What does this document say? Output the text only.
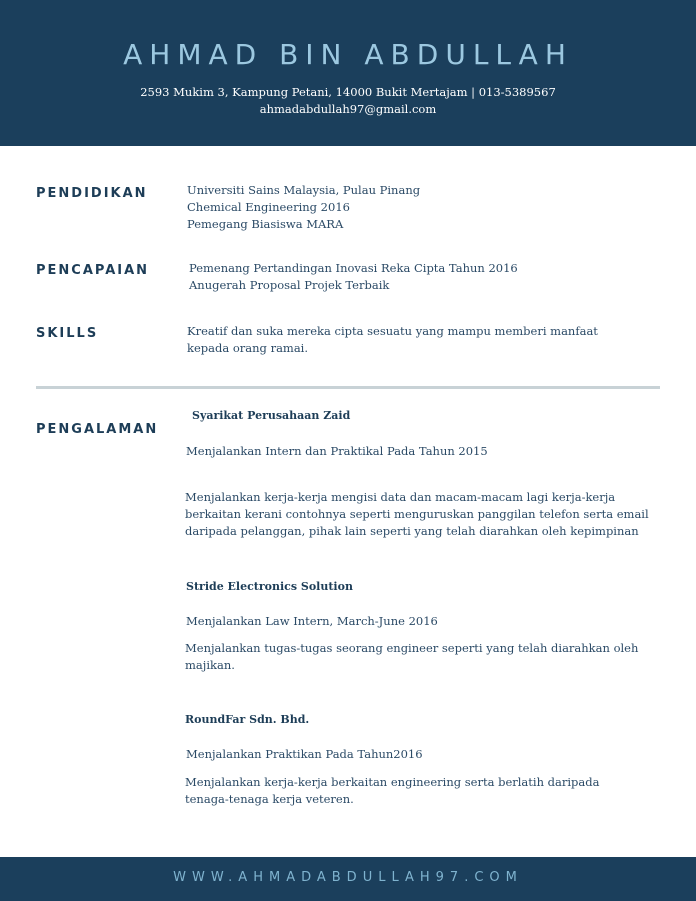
AHMAD BIN ABDULLAH
2593 Mukim 3, Kampung Petani, 14000 Bukit Mertajam | 013-5389567
ahmadabdullah97@gmail.com
PENDIDIKAN	Universiti Sains Malaysia, Pulau Pinang
Chemical Engineering 2016
Pemegang Biasiswa MARA
PENCAPAIAN	Pemenang Pertandingan Inovasi Reka Cipta Tahun 2016
Anugerah Proposal Projek Terbaik
SKILLS	Kreatif dan suka mereka cipta sesuatu yang mampu memberi manfaat kepada orang ramai.
PENGALAMAN
Syarikat Perusahaan Zaid
Menjalankan Intern dan Praktikal Pada Tahun 2015
Menjalankan kerja-kerja mengisi data dan macam-macam lagi kerja-kerja
berkaitan kerani contohnya seperti menguruskan panggilan telefon serta email
daripada pelanggan, pihak lain seperti yang telah diarahkan oleh kepimpinan
Stride Electronics Solution
Menjalankan Law Intern, March-June 2016
Menjalankan tugas-tugas seorang engineer seperti yang telah diarahkan oleh majikan.
RoundFar Sdn. Bhd.
Menjalankan Praktikan Pada Tahun2016
Menjalankan kerja-kerja berkaitan engineering serta berlatih daripada tenaga-tenaga kerja veteren.
WWW.AHMADABDULLAH97.COM
